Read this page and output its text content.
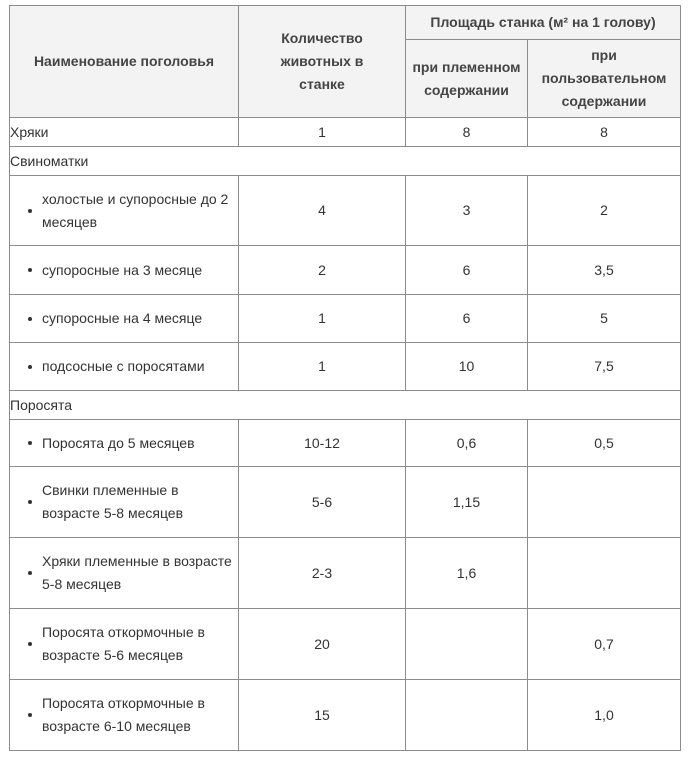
Наименование поголовья	Количество животных в станке	Площадь станка (м² на 1 голову)	

		при племенном содержании	при пользовательном содержании

Хряки	1	8	8
Свиноматки			

холостые и супоросные до 2 месяцев	4	3	2

супоросные на 3 месяце	2	6	3,5

супоросные на 4 месяце	1	6	5

подсосные с поросятами	1	10	7,5
Поросята			

Поросята до 5 месяцев	10-12	0,6	0,5

Свинки племенные в возрасте 5-8 месяцев	5-6	1,15	

Хряки племенные в возрасте 5-8 месяцев	2-3	1,6	

Поросята откормочные в возрасте 5-6 месяцев	20		0,7

Поросята откормочные в возрасте 6-10 месяцев	15		1,0
